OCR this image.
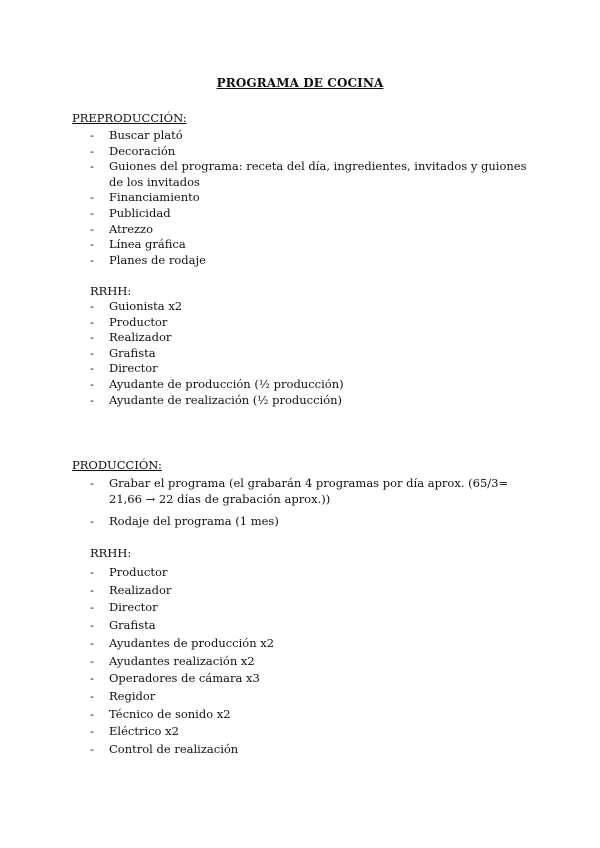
PROGRAMA DE COCINA

PREPRODUCCIÓN:

- Buscar plató
- Decoración
- Guiones del programa: receta del día, ingredientes, invitados y guiones de los invitados
- Financiamiento
- Publicidad
- Atrezzo
- Línea gráfica
- Planes de rodaje

RRHH:

- Guionista x2
- Productor
- Realizador
- Grafista
- Director
- Ayudante de producción (½ producción)
- Ayudante de realización (½ producción)

PRODUCCIÓN:

- Grabar el programa (el grabarán 4 programas por día aprox. (65/3= 21,66 → 22 días de grabación aprox.))
- Rodaje del programa (1 mes)

RRHH:

- Productor
- Realizador
- Director
- Grafista
- Ayudantes de producción x2
- Ayudantes realización x2
- Operadores de cámara x3
- Regidor
- Técnico de sonido x2
- Eléctrico x2
- Control de realización
